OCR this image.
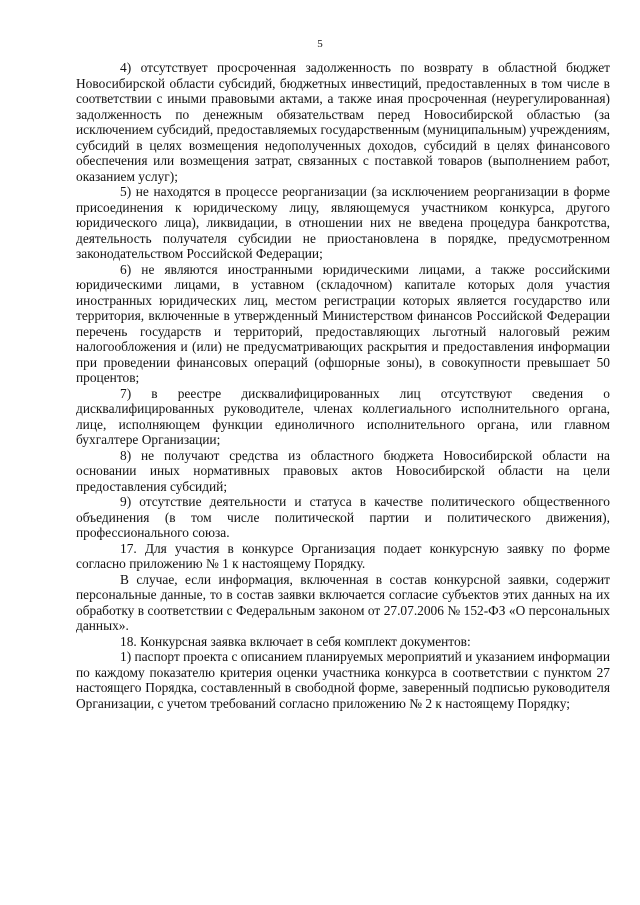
5

4) отсутствует просроченная задолженность по возврату в областной бюджет Новосибирской области субсидий, бюджетных инвестиций, предоставленных в том числе в соответствии с иными правовыми актами, а также иная просроченная (неурегулированная) задолженность по денежным обязательствам перед Новосибирской областью (за исключением субсидий, предоставляемых государственным (муниципальным) учреждениям, субсидий в целях возмещения недополученных доходов, субсидий в целях финансового обеспечения или возмещения затрат, связанных с поставкой товаров (выполнением работ, оказанием услуг);

5) не находятся в процессе реорганизации (за исключением реорганизации в форме присоединения к юридическому лицу, являющемуся участником конкурса, другого юридического лица), ликвидации, в отношении них не введена процедура банкротства, деятельность получателя субсидии не приостановлена в порядке, предусмотренном законодательством Российской Федерации;

6) не являются иностранными юридическими лицами, а также российскими юридическими лицами, в уставном (складочном) капитале которых доля участия иностранных юридических лиц, местом регистрации которых является государство или территория, включенные в утвержденный Министерством финансов Российской Федерации перечень государств и территорий, предоставляющих льготный налоговый режим налогообложения и (или) не предусматривающих раскрытия и предоставления информации при проведении финансовых операций (офшорные зоны), в совокупности превышает 50 процентов;

7) в реестре дисквалифицированных лиц отсутствуют сведения о дисквалифицированных руководителе, членах коллегиального исполнительного органа, лице, исполняющем функции единоличного исполнительного органа, или главном бухгалтере Организации;

8) не получают средства из областного бюджета Новосибирской области на основании иных нормативных правовых актов Новосибирской области на цели предоставления субсидий;

9) отсутствие деятельности и статуса в качестве политического общественного объединения (в том числе политической партии и политического движения), профессионального союза.

17. Для участия в конкурсе Организация подает конкурсную заявку по форме согласно приложению № 1 к настоящему Порядку.

В случае, если информация, включенная в состав конкурсной заявки, содержит персональные данные, то в состав заявки включается согласие субъектов этих данных на их обработку в соответствии с Федеральным законом от 27.07.2006 № 152-ФЗ «О персональных данных».

18. Конкурсная заявка включает в себя комплект документов:

1) паспорт проекта с описанием планируемых мероприятий и указанием информации по каждому показателю критерия оценки участника конкурса в соответствии с пунктом 27 настоящего Порядка, составленный в свободной форме, заверенный подписью руководителя Организации, с учетом требований согласно приложению № 2 к настоящему Порядку;
